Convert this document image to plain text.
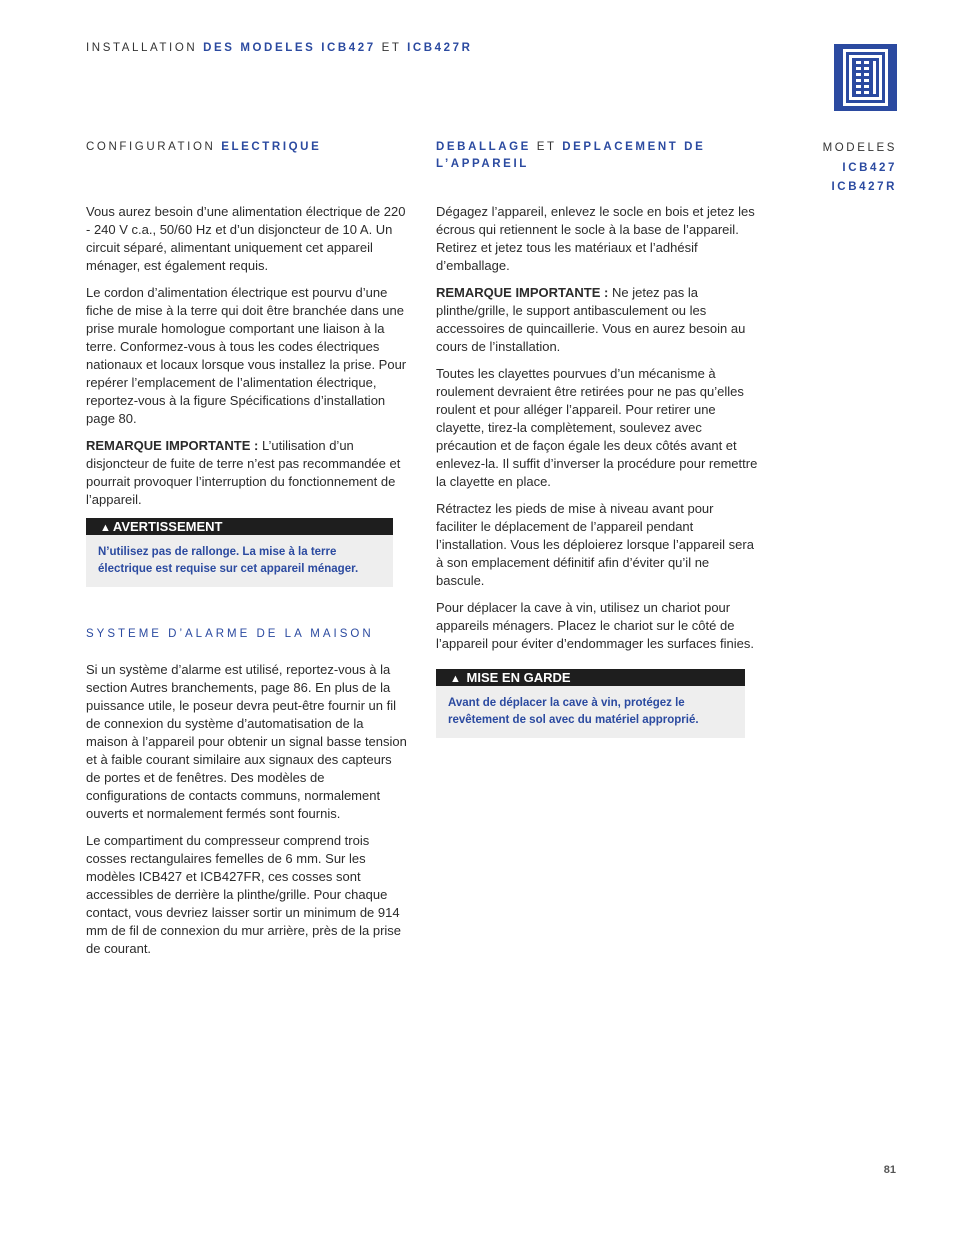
INSTALLATION DES MODELES ICB427 ET ICB427R
MODELES
ICB427
ICB427R
CONFIGURATION ELECTRIQUE	DEBALLAGE ET DEPLACEMENT DE L’APPAREIL

Vous aurez besoin d’une alimentation électrique de 220 - 240 V c.a., 50/60 Hz et d’un disjoncteur de 10 A. Un circuit séparé, alimentant uniquement cet appareil ménager, est également requis.

Le cordon d’alimentation électrique est pourvu d’une fiche de mise à la terre qui doit être branchée dans une prise murale homologue comportant une liaison à la terre. Conformez-vous à tous les codes électriques nationaux et locaux lorsque vous installez la prise. Pour repérer l’emplacement de l’alimentation électrique, reportez-vous à la figure Spécifications d’installation page 80.

REMARQUE IMPORTANTE : L’utilisation d’un disjoncteur de fuite de terre n’est pas recommandée et pourrait provoquer l’interruption du fonctionnement de l’appareil.

▲ AVERTISSEMENT
N’utilisez pas de rallonge. La mise à la terre électrique est requise sur cet appareil ménager.
SYSTEME D’ALARME DE LA MAISON

Si un système d’alarme est utilisé, reportez-vous à la section Autres branchements, page 86. En plus de la puissance utile, le poseur devra peut-être fournir un fil de connexion du système d’automatisation de la maison à l’appareil pour obtenir un signal basse tension et à faible courant similaire aux signaux des capteurs de portes et de fenêtres. Des modèles de configurations de contacts communs, normalement ouverts et normalement fermés sont fournis.

Le compartiment du compresseur comprend trois cosses rectangulaires femelles de 6 mm. Sur les modèles ICB427 et ICB427FR, ces cosses sont accessibles de derrière la plinthe/grille. Pour chaque contact, vous devriez laisser sortir un minimum de 914 mm de fil de connexion du mur arrière, près de la prise de courant.

Dégagez l’appareil, enlevez le socle en bois et jetez les écrous qui retiennent le socle à la base de l’appareil. Retirez et jetez tous les matériaux et l’adhésif d’emballage.

REMARQUE IMPORTANTE : Ne jetez pas la plinthe/grille, le support antibasculement ou les accessoires de quincaillerie. Vous en aurez besoin au cours de l’installation.

Toutes les clayettes pourvues d’un mécanisme à roulement devraient être retirées pour ne pas qu’elles roulent et pour alléger l’appareil. Pour retirer une clayette, tirez-la complètement, soulevez avec précaution et de façon égale les deux côtés avant et enlevez-la. Il suffit d’inverser la procédure pour remettre la clayette en place.

Rétractez les pieds de mise à niveau avant pour faciliter le déplacement de l’appareil pendant l’installation. Vous les déploierez lorsque l’appareil sera à son emplacement définitif afin d’éviter qu’il ne bascule.

Pour déplacer la cave à vin, utilisez un chariot pour appareils ménagers. Placez le chariot sur le côté de l’appareil pour éviter d’endommager les surfaces finies.

▲ MISE EN GARDE
Avant de déplacer la cave à vin, protégez le revêtement de sol avec du matériel approprié.
81
